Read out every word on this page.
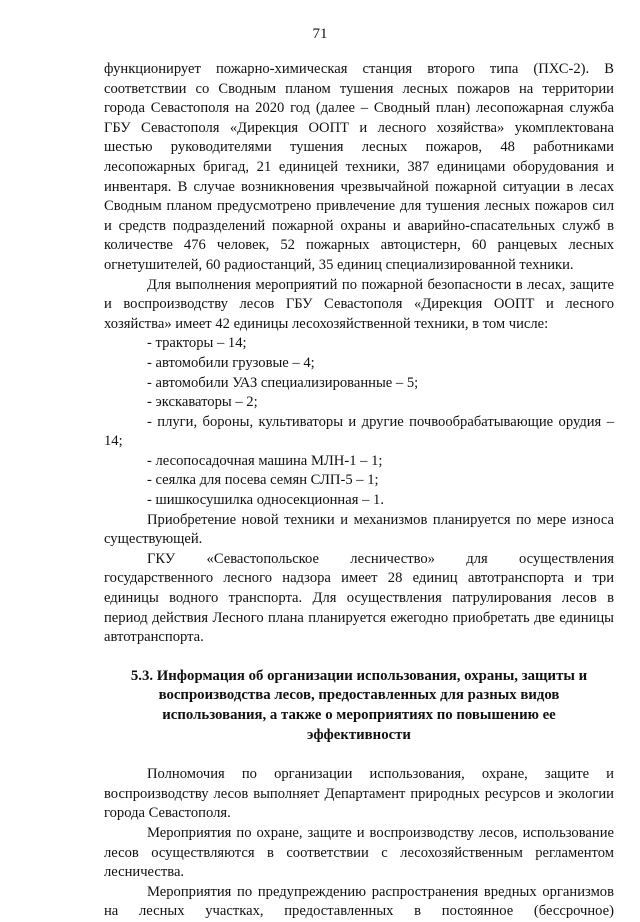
71

функционирует пожарно-химическая станция второго типа (ПХС-2). В соответствии со Сводным планом тушения лесных пожаров на территории города Севастополя на 2020 год (далее – Сводный план) лесопожарная служба ГБУ Севастополя «Дирекция ООПТ и лесного хозяйства» укомплектована шестью руководителями тушения лесных пожаров, 48 работниками лесопожарных бригад, 21 единицей техники, 387 единицами оборудования и инвентаря. В случае возникновения чрезвычайной пожарной ситуации в лесах Сводным планом предусмотрено привлечение для тушения лесных пожаров сил и средств подразделений пожарной охраны и аварийно-спасательных служб в количестве 476 человек, 52 пожарных автоцистерн, 60 ранцевых лесных огнетушителей, 60 радиостанций, 35 единиц специализированной техники.

Для выполнения мероприятий по пожарной безопасности в лесах, защите и воспроизводству лесов ГБУ Севастополя «Дирекция ООПТ и лесного хозяйства» имеет 42 единицы лесохозяйственной техники, в том числе:

- тракторы – 14;

- автомобили грузовые – 4;

- автомобили УАЗ специализированные – 5;

- экскаваторы – 2;

- плуги, бороны, культиваторы и другие почвообрабатывающие орудия – 14;

- лесопосадочная машина МЛН-1 – 1;

- сеялка для посева семян СЛП-5 – 1;

- шишкосушилка односекционная – 1.

Приобретение новой техники и механизмов планируется по мере износа существующей.

ГКУ «Севастопольское лесничество» для осуществления государственного лесного надзора имеет 28 единиц автотранспорта и три единицы водного транспорта. Для осуществления патрулирования лесов в период действия Лесного плана планируется ежегодно приобретать две единицы автотранспорта.

5.3. Информация об организации использования, охраны, защиты и воспроизводства лесов, предоставленных для разных видов использования, а также о мероприятиях по повышению ее эффективности

Полномочия по организации использования, охране, защите и воспроизводству лесов выполняет Департамент природных ресурсов и экологии города Севастополя.

Мероприятия по охране, защите и воспроизводству лесов, использование лесов осуществляются в соответствии с лесохозяйственным регламентом лесничества.

Мероприятия по предупреждению распространения вредных организмов на лесных участках, предоставленных в постоянное (бессрочное)
